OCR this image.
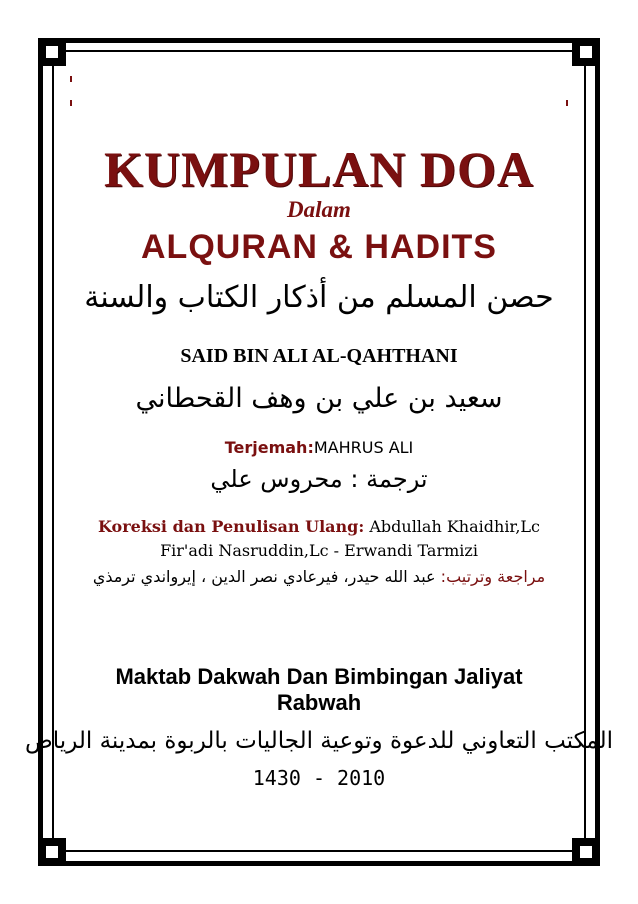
KUMPULAN DOA
Dalam
ALQURAN & HADITS
حصن المسلم من أذكار الكتاب والسنة
SAID BIN ALI AL-QAHTHANI
سعيد بن علي بن وهف القحطاني
Terjemah:MAHRUS ALI
ترجمة : محروس علي
Koreksi dan Penulisan Ulang: Abdullah Khaidhir,Lc
Fir'adi Nasruddin,Lc - Erwandi Tarmizi
مراجعة وترتيب: عبد الله حيدر، فيرعادي نصر الدين ، إيرواندي ترمذي
Maktab Dakwah Dan Bimbingan Jaliyat
Rabwah
المكتب التعاوني للدعوة وتوعية الجاليات بالربوة بمدينة الرياض
1430 - 2010
